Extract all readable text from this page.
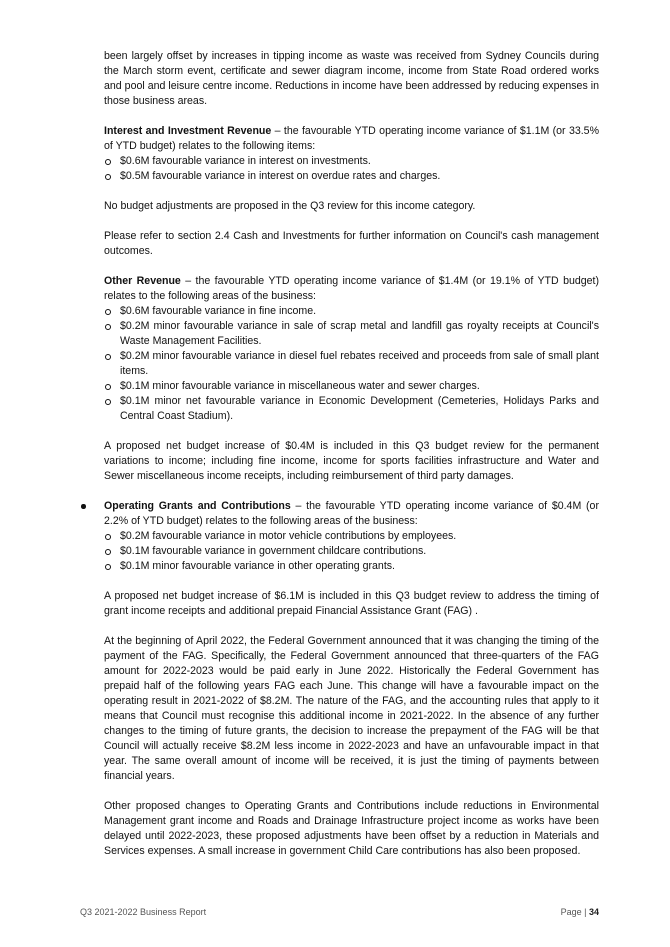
been largely offset by increases in tipping income as waste was received from Sydney Councils during the March storm event, certificate and sewer diagram income, income from State Road ordered works and pool and leisure centre income. Reductions in income have been addressed by reducing expenses in those business areas.

Interest and Investment Revenue – the favourable YTD operating income variance of $1.1M (or 33.5% of YTD budget) relates to the following items:

$0.6M favourable variance in interest on investments.
$0.5M favourable variance in interest on overdue rates and charges.

No budget adjustments are proposed in the Q3 review for this income category.

Please refer to section 2.4 Cash and Investments for further information on Council's cash management outcomes.

Other Revenue – the favourable YTD operating income variance of $1.4M (or 19.1% of YTD budget) relates to the following areas of the business:

$0.6M favourable variance in fine income.
$0.2M minor favourable variance in sale of scrap metal and landfill gas royalty receipts at Council's Waste Management Facilities.
$0.2M minor favourable variance in diesel fuel rebates received and proceeds from sale of small plant items.
$0.1M minor favourable variance in miscellaneous water and sewer charges.
$0.1M minor net favourable variance in Economic Development (Cemeteries, Holidays Parks and Central Coast Stadium).

A proposed net budget increase of $0.4M is included in this Q3 budget review for the permanent variations to income; including fine income, income for sports facilities infrastructure and Water and Sewer miscellaneous income receipts, including reimbursement of third party damages.

Operating Grants and Contributions – the favourable YTD operating income variance of $0.4M (or 2.2% of YTD budget) relates to the following areas of the business:

$0.2M favourable variance in motor vehicle contributions by employees.
$0.1M favourable variance in government childcare contributions.
$0.1M minor favourable variance in other operating grants.

A proposed net budget increase of $6.1M is included in this Q3 budget review to address the timing of grant income receipts and additional prepaid Financial Assistance Grant (FAG) .

At the beginning of April 2022, the Federal Government announced that it was changing the timing of the payment of the FAG. Specifically, the Federal Government announced that three-quarters of the FAG amount for 2022-2023 would be paid early in June 2022. Historically the Federal Government has prepaid half of the following years FAG each June. This change will have a favourable impact on the operating result in 2021-2022 of $8.2M. The nature of the FAG, and the accounting rules that apply to it means that Council must recognise this additional income in 2021-2022. In the absence of any further changes to the timing of future grants, the decision to increase the prepayment of the FAG will be that Council will actually receive $8.2M less income in 2022-2023 and have an unfavourable impact in that year. The same overall amount of income will be received, it is just the timing of payments between financial years.

Other proposed changes to Operating Grants and Contributions include reductions in Environmental Management grant income and Roads and Drainage Infrastructure project income as works have been delayed until 2022-2023, these proposed adjustments have been offset by a reduction in Materials and Services expenses. A small increase in government Child Care contributions has also been proposed.

Q3 2021-2022 Business Report	Page | 34
